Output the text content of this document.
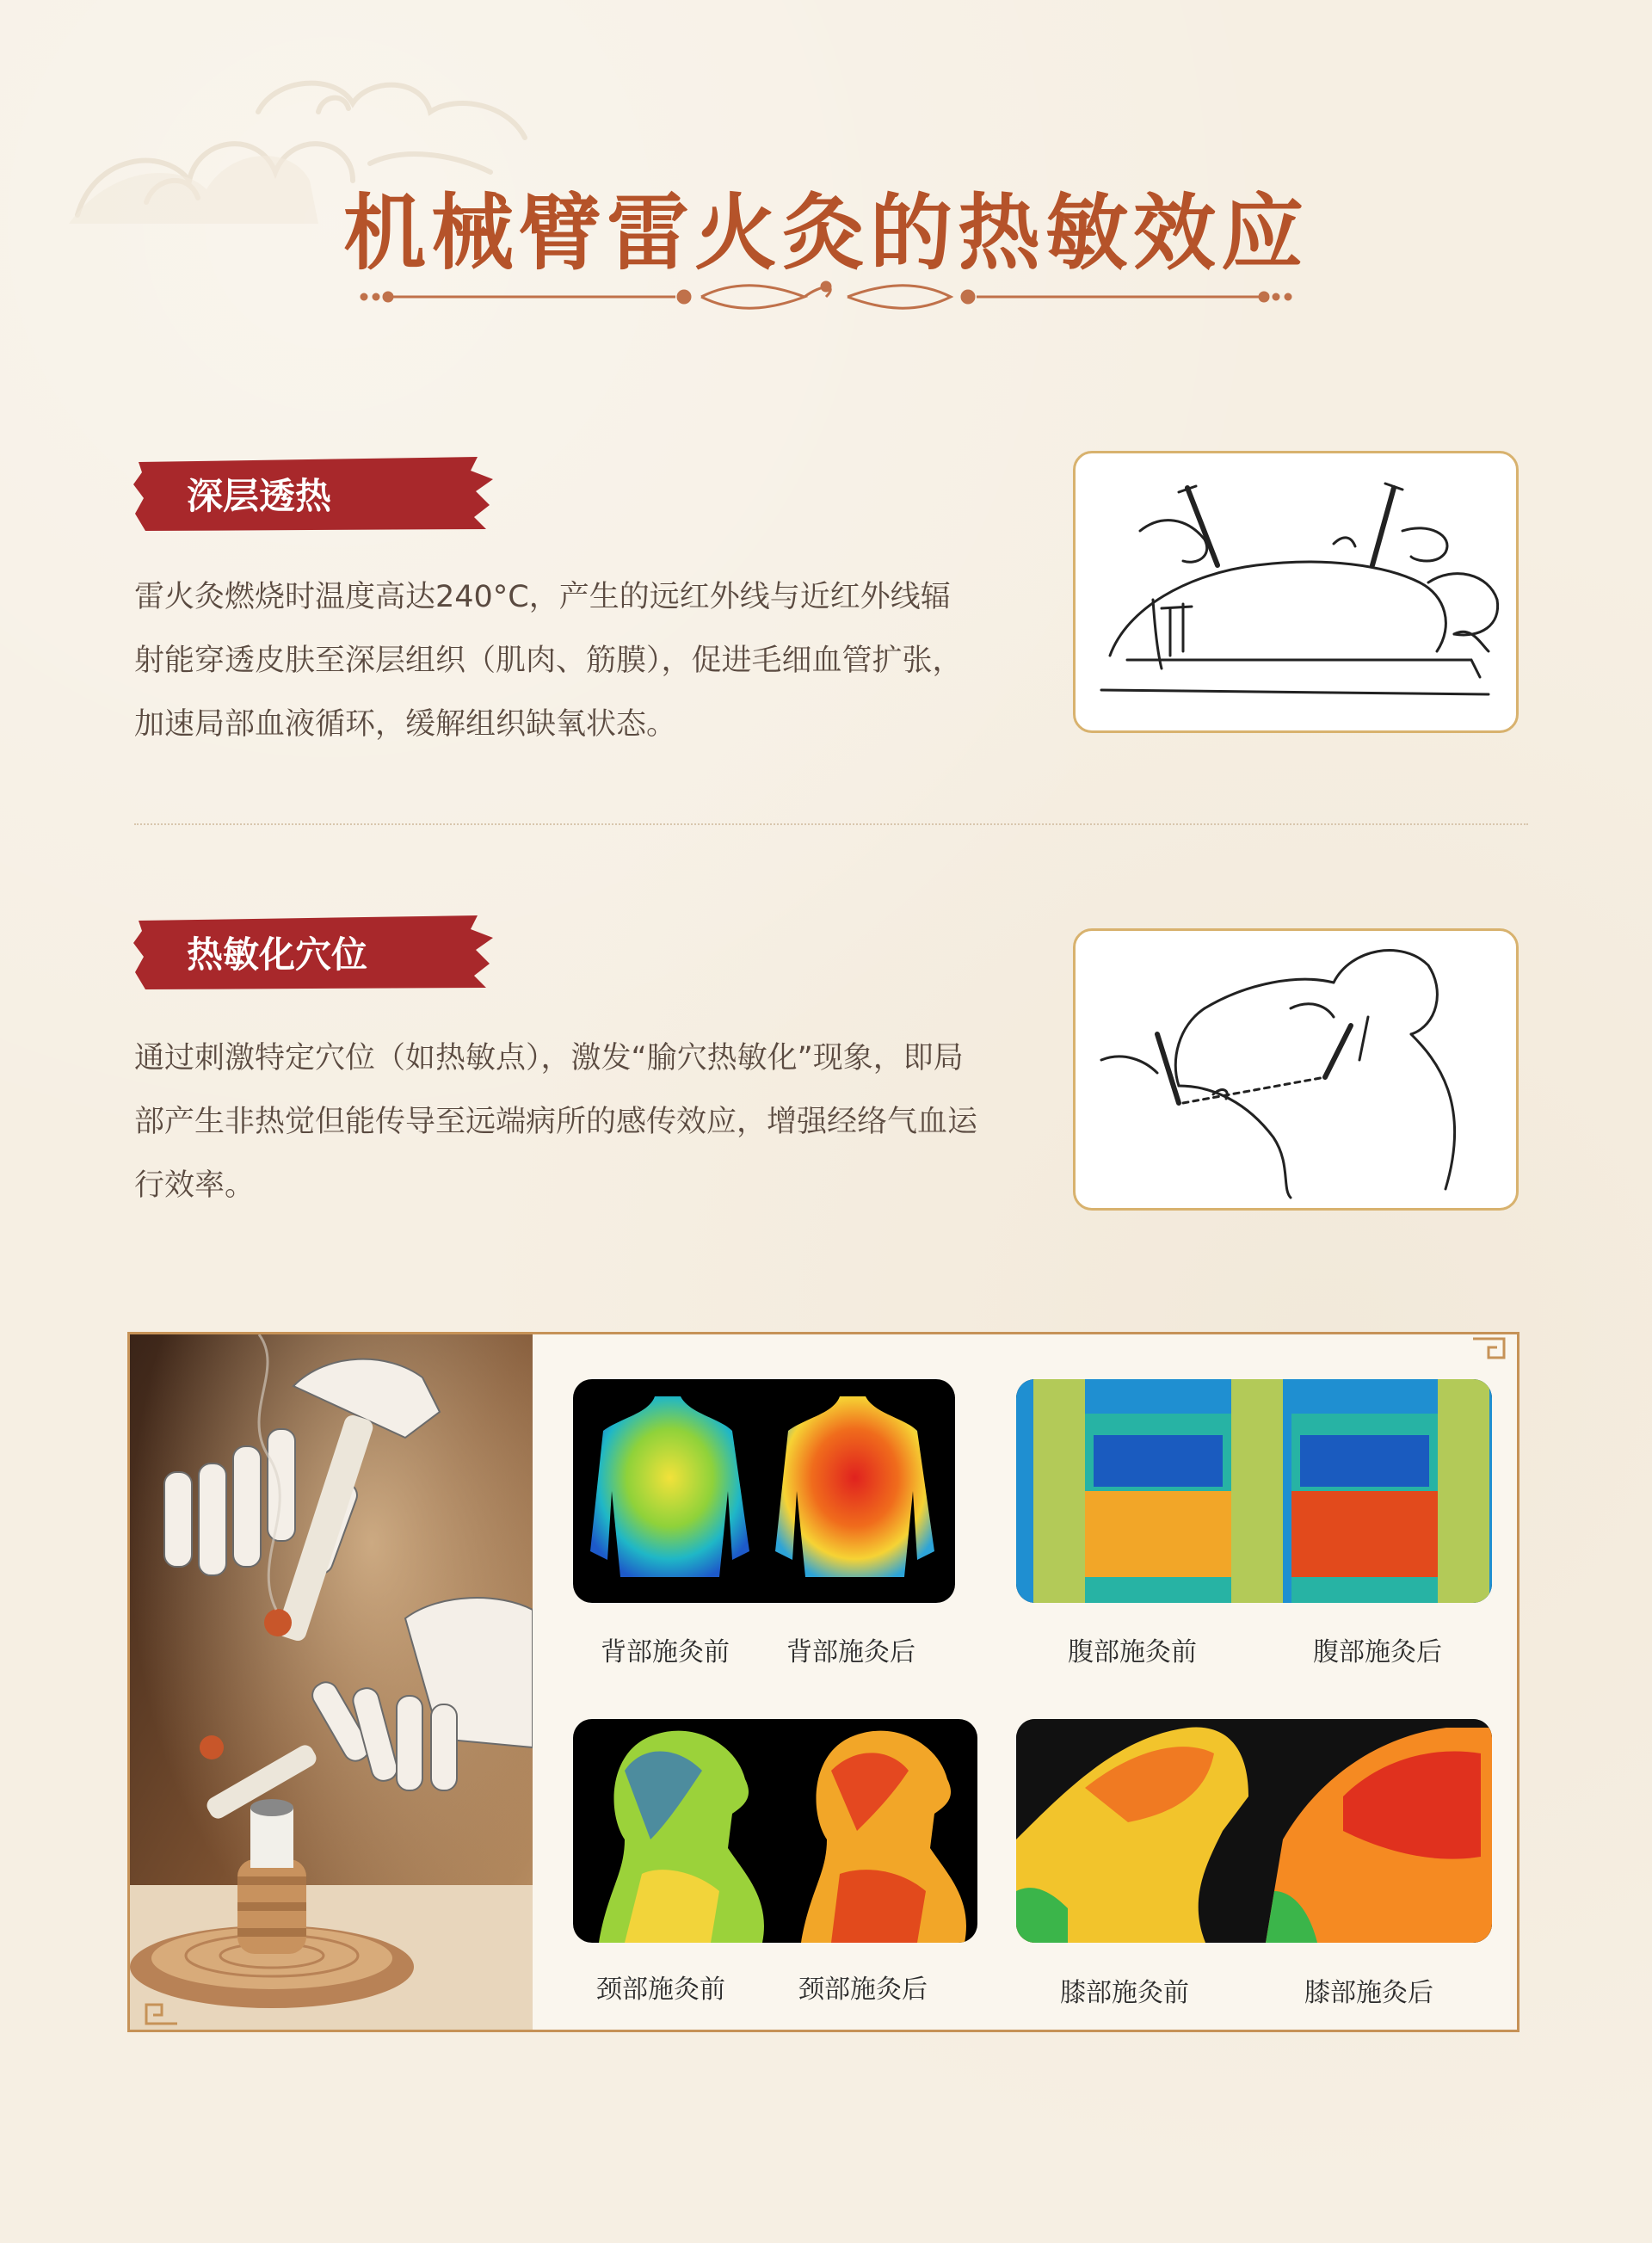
机械臂雷火灸的热敏效应
深层透热
雷火灸燃烧时温度高达240°C，产生的远红外线与近红外线辐射能穿透皮肤至深层组织（肌肉、筋膜），促进毛细血管扩张，加速局部血液循环，缓解组织缺氧状态。
热敏化穴位
通过刺激特定穴位（如热敏点），激发“腧穴热敏化”现象，即局部产生非热觉但能传导至远端病所的感传效应，增强经络气血运行效率。
背部施灸前	背部施灸后	腹部施灸前	腹部施灸后
颈部施灸前	颈部施灸后	膝部施灸前	膝部施灸后
